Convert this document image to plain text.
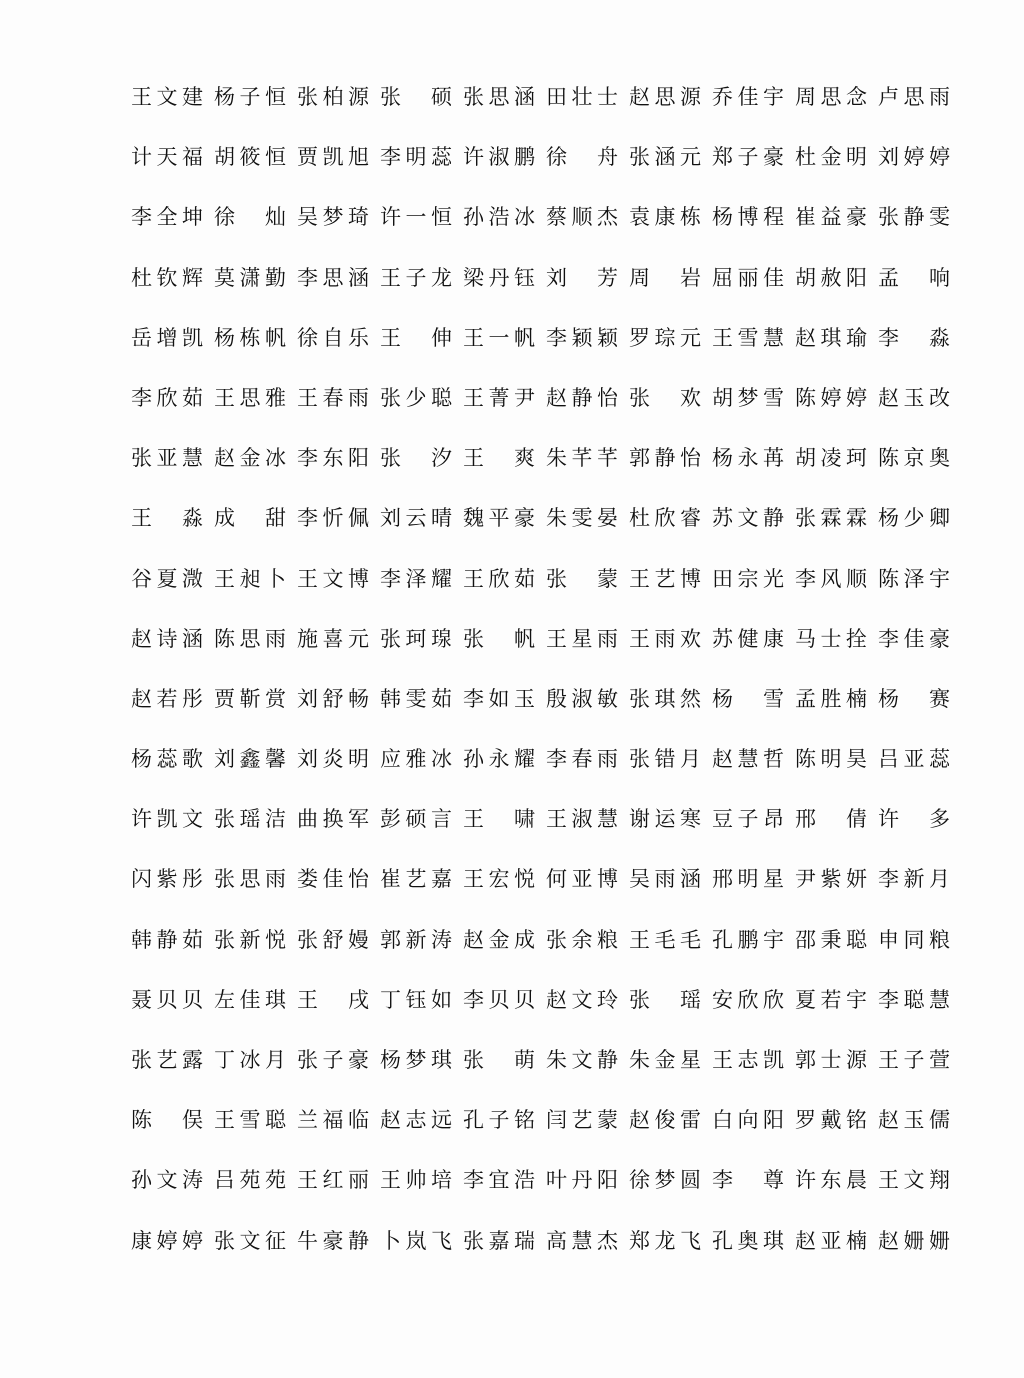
王 文 建 杨 子 恒 张 柏 源 张 硕 张 思 涵 田 壮 士 赵 思 源 乔 佳 宇 周 思 念 卢 思 雨
计 天 福 胡 筱 恒 贾 凯 旭 李 明 蕊 许 淑 鹏 徐 舟 张 涵 元 郑 子 豪 杜 金 明 刘 婷 婷
李 全 坤 徐 灿 吴 梦 琦 许 一 恒 孙 浩 冰 蔡 顺 杰 袁 康 栋 杨 博 程 崔 益 豪 张 静 雯
杜 钦 辉 莫 潇 勤 李 思 涵 王 子 龙 梁 丹 钰 刘 芳 周 岩 屈 丽 佳 胡 赦 阳 孟 响
岳 增 凯 杨 栋 帆 徐 自 乐 王 伸 王 一 帆 李 颖 颖 罗 琮 元 王 雪 慧 赵 琪 瑜 李 淼
李 欣 茹 王 思 雅 王 春 雨 张 少 聪 王 菁 尹 赵 静 怡 张 欢 胡 梦 雪 陈 婷 婷 赵 玉 改
张 亚 慧 赵 金 冰 李 东 阳 张 汐 王 爽 朱 芊 芊 郭 静 怡 杨 永 苒 胡 凌 珂 陈 京 奥
王 淼 成 甜 李 忻 佩 刘 云 晴 魏 平 豪 朱 雯 晏 杜 欣 睿 苏 文 静 张 霖 霖 杨 少 卿
谷 夏 溦 王 昶 卜 王 文 博 李 泽 耀 王 欣 茹 张 蒙 王 艺 博 田 宗 光 李 风 顺 陈 泽 宇
赵 诗 涵 陈 思 雨 施 喜 元 张 珂 瑔 张 帆 王 星 雨 王 雨 欢 苏 健 康 马 士 拴 李 佳 豪
赵 若 彤 贾 靳 赏 刘 舒 畅 韩 雯 茹 李 如 玉 殷 淑 敏 张 琪 然 杨 雪 孟 胜 楠 杨 赛
杨 蕊 歌 刘 鑫 馨 刘 炎 明 应 雅 冰 孙 永 耀 李 春 雨 张 错 月 赵 慧 哲 陈 明 昊 吕 亚 蕊
许 凯 文 张 瑶 洁 曲 换 军 彭 硕 言 王 啸 王 淑 慧 谢 运 寒 豆 子 昂 邢 倩 许 多
闪 紫 彤 张 思 雨 娄 佳 怡 崔 艺 嘉 王 宏 悦 何 亚 博 吴 雨 涵 邢 明 星 尹 紫 妍 李 新 月
韩 静 茹 张 新 悦 张 舒 嫚 郭 新 涛 赵 金 成 张 余 粮 王 毛 毛 孔 鹏 宇 邵 秉 聪 申 同 粮
聂 贝 贝 左 佳 琪 王 戌 丁 钰 如 李 贝 贝 赵 文 玲 张 瑶 安 欣 欣 夏 若 宇 李 聪 慧
张 艺 露 丁 冰 月 张 子 豪 杨 梦 琪 张 萌 朱 文 静 朱 金 星 王 志 凯 郭 士 源 王 子 萱
陈 俣 王 雪 聪 兰 福 临 赵 志 远 孔 子 铭 闫 艺 蒙 赵 俊 雷 白 向 阳 罗 戴 铭 赵 玉 儒
孙 文 涛 吕 苑 苑 王 红 丽 王 帅 培 李 宜 浩 叶 丹 阳 徐 梦 圆 李 尊 许 东 晨 王 文 翔
康 婷 婷 张 文 征 牛 豪 静 卜 岚 飞 张 嘉 瑞 高 慧 杰 郑 龙 飞 孔 奥 琪 赵 亚 楠 赵 姗 姗
